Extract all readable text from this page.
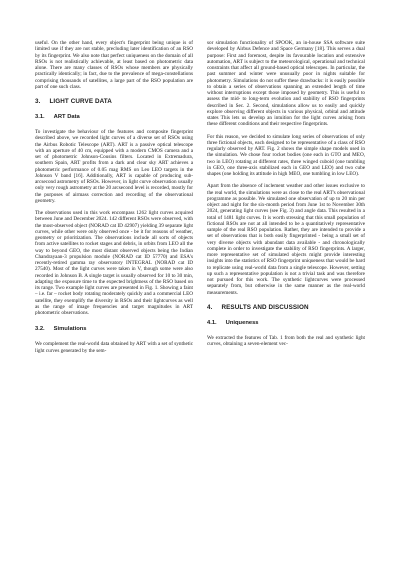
useful. On the other hand, every object's fingerprint being unique is of limited use if they are not stable, precluding later identification of an RSO by its fingerprint. We also note that perfect uniqueness on the domain of all RSOs is not realistically achievable, at least based on photometric data alone. There are many classes of RSOs whose members are physically practically identically; in fact, due to the prevalence of mega-constellations comprising thousands of satellites, a large part of the RSO population are part of one such class.

3. LIGHT CURVE DATA
3.1. ART Data

To investigate the behaviour of the features and composite fingerprint described above, we recorded light curves of a diverse set of RSOs using the Airbus Robotic Telescope (ART). ART is a passive optical telescope with an aperture of 40 cm, equipped with a modern CMOS camera and a set of photometric Johnson-Cousins filters. Located in Extremadura, southern Spain, ART profits from a dark and clear sky ART achieves a photometric performance of 0.05 mag RMS on Leo LEO targets in the Johnson V band [16]. Additionally, ART is capable of producing sub-arcsecond astrometry of RSOs. However, in light curve observation usually only very rough astrometry at the 20 arcsecond level is recorded, mostly for the purposes of airmass correction and recording of the observational geometry.

The observations used in this work encompass 1262 light curves acquired between June and December 2024. 142 different RSOs were observed, with the most-observed object (NORAD cat ID 42907) yielding 39 separate light curves, while other were only observed once - be it for reasons of weather, geometry or prioritization. The observations include all sorts of objects from active satellites to rocket stages and debris, in orbits from LEO all the way to beyond GEO, the most distant observed objects being the Indian Chandrayaan-3 propulsion module (NORAD cat ID 57770) and ESA's recently-retired gamma ray observatory INTEGRAL (NORAD cat ID 27540). Most of the light curves were taken in V, though some were also recorded in Johnson B. A single target is usually observed for 10 to 30 min, adapting the exposure time to the expected brightness of the RSO based on its range. Two example light curves are presented in Fig. 1. Showing a faint – i.e. far – rocket body rotating moderately quickly and a commercial LEO satellite, they exemplify the diversity in RSOs and their lightcurves as well as the range of image frequencies and target magnitudes in ART photometric observations.

3.2. Simulations

We complement the real-world data obtained by ART with a set of synthetic light curves generated by the sem-

sor simulation functionality of SPOOK, an in-house SSA software suite developed by Airbus Defence and Space Germany [18]. This serves a dual purpose: First and foremost, despite its favourable location and extensive automation, ART is subject to the meteorological, operational and technical constraints that affect all ground-based optical telescopes. In particular, the past summer and winter were unusually poor in nights suitable for photometry. Simulations do not suffer these drawbacks: it is easily possible to obtain a series of observations spanning an extended length of time without interruptions except those imposed by geometry. This is useful to assess the mid- to long-term evolution and stability of RSO fingerprints described in Sec. 2. Second, simulations allow us to easily and quickly explore observing different objects in various physical, orbital and attitude states This lets us develop an intuition for the light curves arising from these different conditions and their respective fingerprints.

For this reason, we decided to simulate long series of observations of only three fictional objects, each designed to be representative of a class of RSO regularly observed by ART. Fig. 2 shows the simple shape models used in the simulation. We chose four rocket bodies (one each in GTO and MEO, two in LEO) rotating at different rates, three winged cuboid (one tumbling in GEO, one three-axis stabilized each in GEO and LEO) and two cube shapes (one holding its attitude in high MEO, one tumbling in low LEO).

Apart from the absence of inclement weather and other issues exclusive to the real world, the simulations were as close to the real ART's observational programme as possible. We simulated one observation of up to 20 min per object and night for the six-month period from June 1st to November 30th 2024, generating light curves (see Fig. 3) and angle data. This resulted in a total of 1481 light curves. It is worth stressing that this small population of fictional RSOs are not at all intended to be a quantitatively representative sample of the real RSO population. Rather, they are intended to provide a set of observations that is both easily fingerprinted - being a small set of very diverse objects with abundant data available - and chronologically complete in order to investigate the stability of RSO fingerprints. A larger, more representative set of simulated objects might provide interesting insights into the statistics of RSO fingerprint uniqueness that would be hard to replicate using real-world data from a single telescope. However, setting up such a representative population is not a trivial task and was therefore not pursued for this work. The synthetic lightcurves were processed separately from, but otherwise in the same manner as the real-world measurements.

4. RESULTS AND DISCUSSION
4.1. Uniqueness

We extracted the features of Tab. 1 from both the real and synthetic light curves, obtaining a seven-element vec-
